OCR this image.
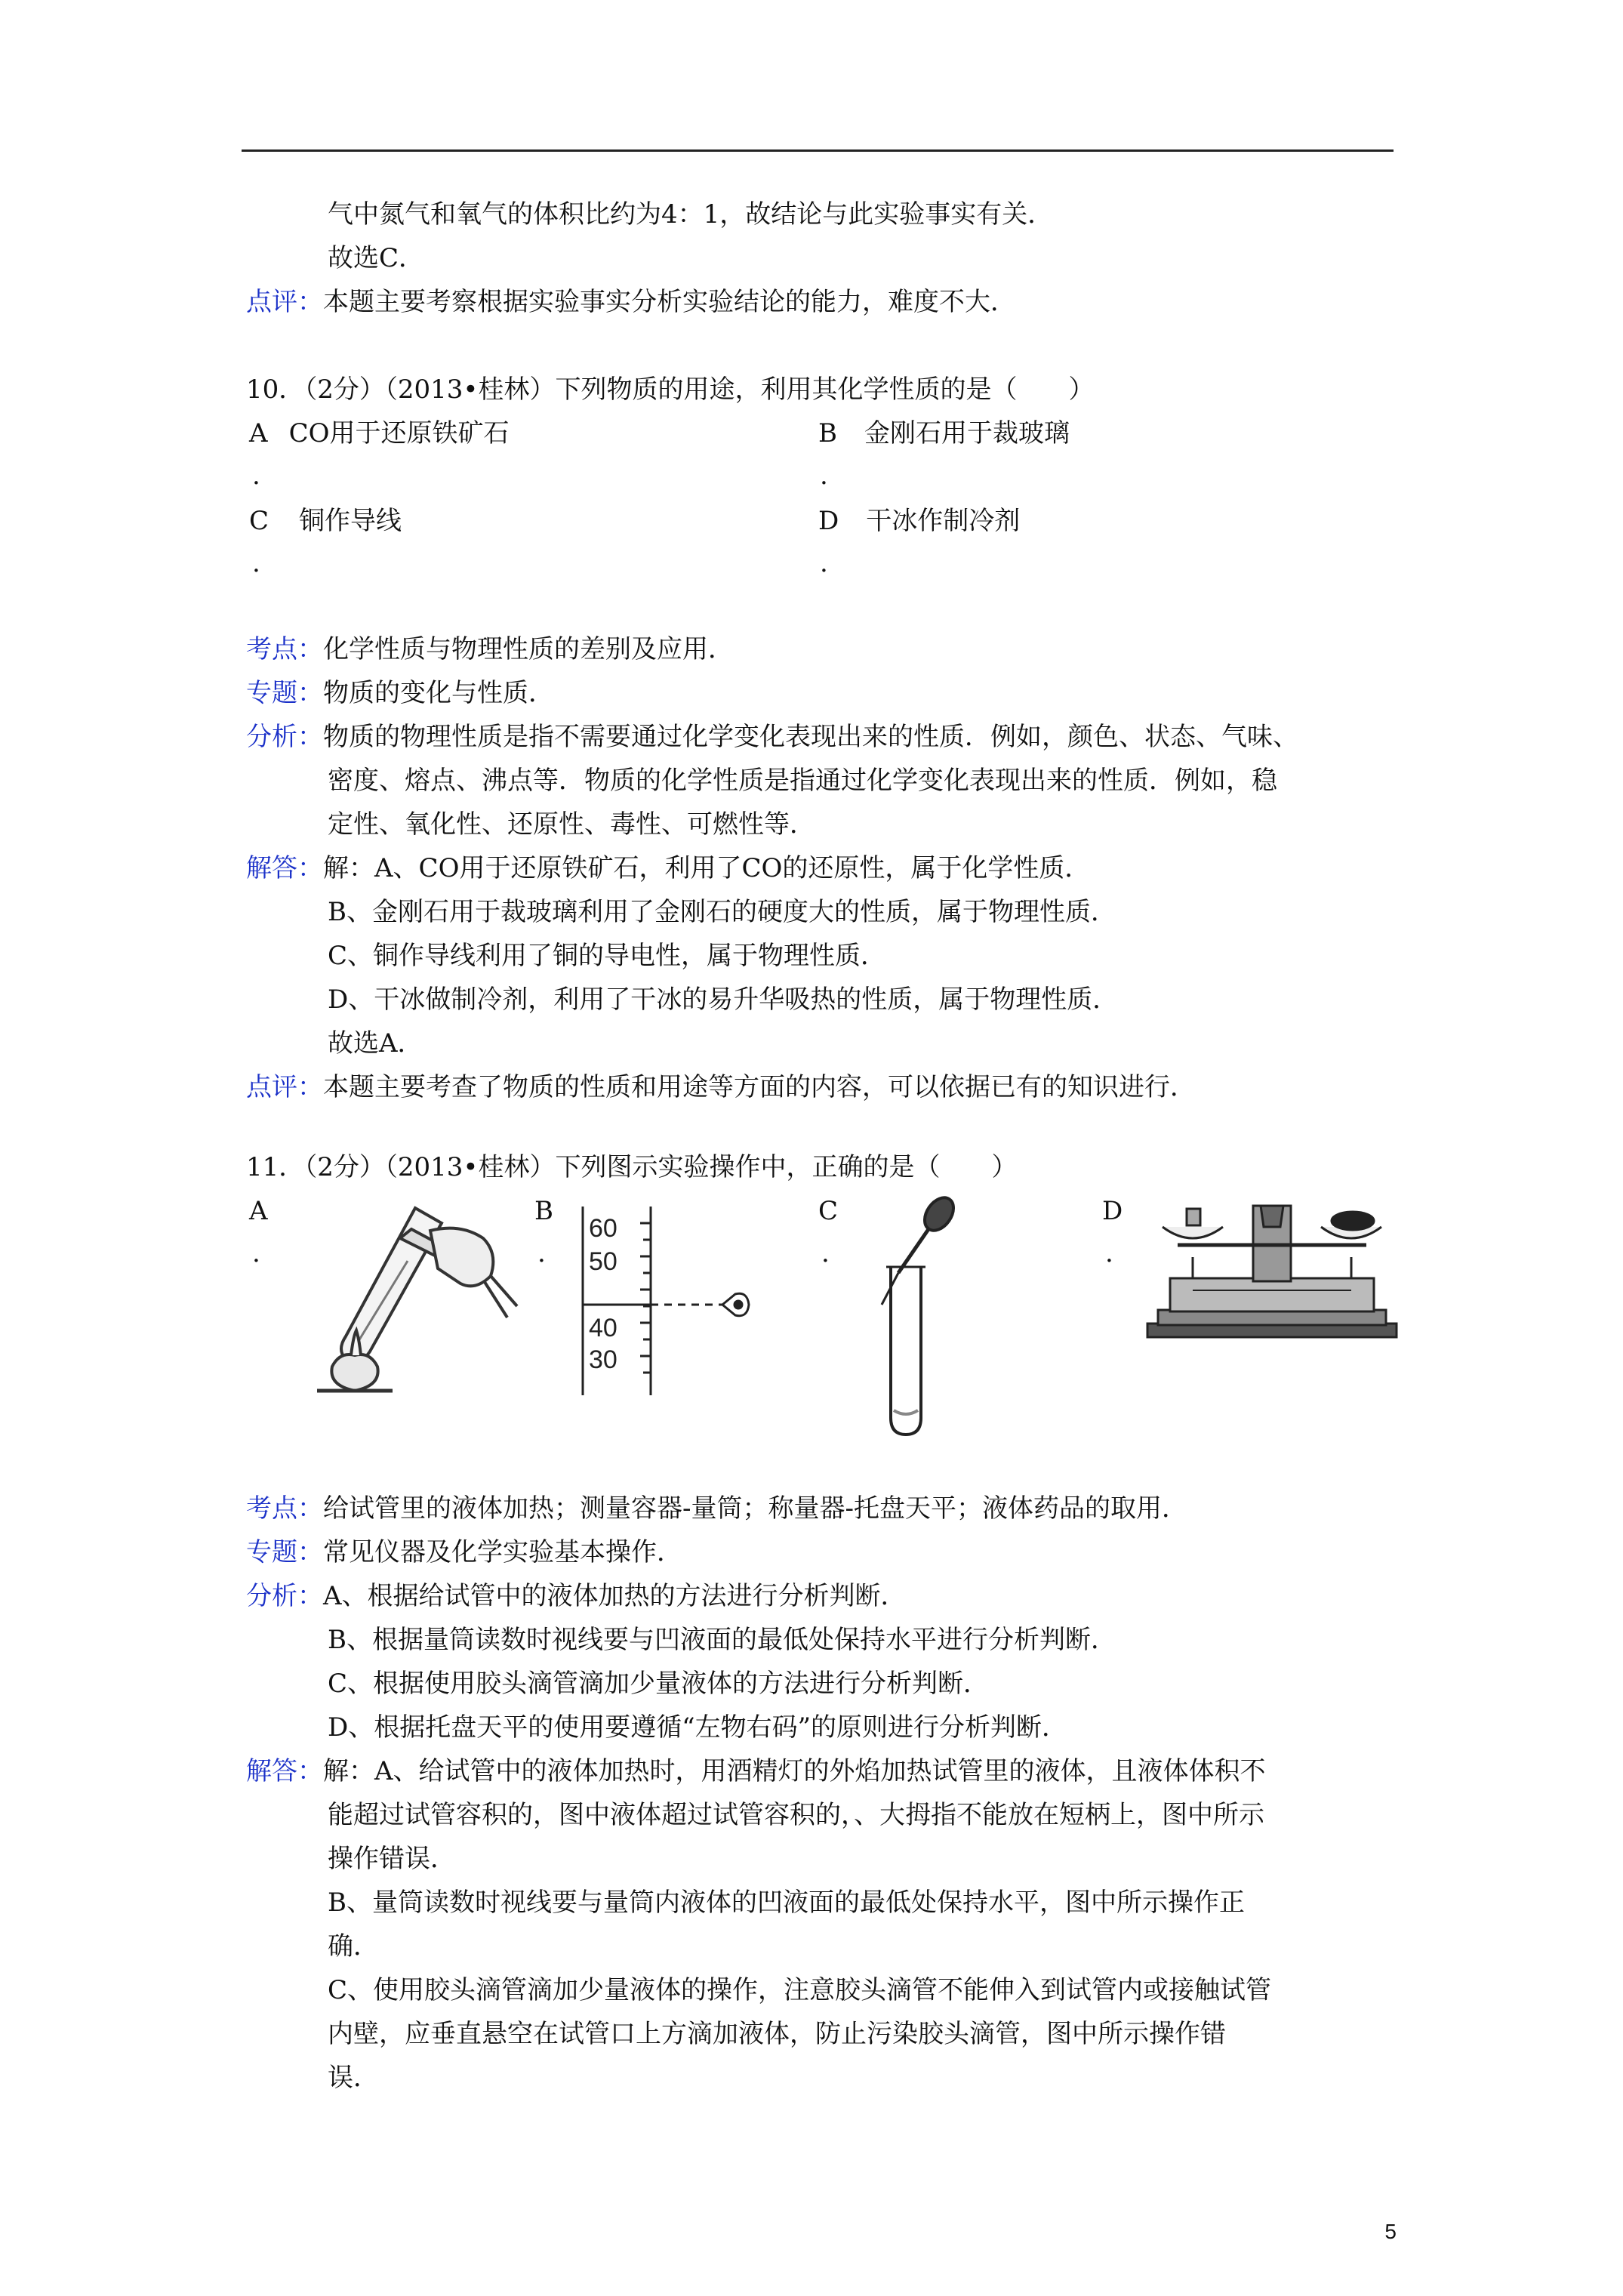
气中氮气和氧气的体积比约为4：1，故结论与此实验事实有关．
故选C．
点评：本题主要考察根据实验事实分析实验结论的能力，难度不大．
10．（2分）（2013•桂林）下列物质的用途，利用其化学性质的是（　　）
A CO用于还原铁矿石
.
B 金刚石用于裁玻璃
.
C 铜作导线
.
D 干冰作制冷剂
.
考点：化学性质与物理性质的差别及应用．
专题：物质的变化与性质．
分析：物质的物理性质是指不需要通过化学变化表现出来的性质．例如，颜色、状态、气味、
密度、熔点、沸点等．物质的化学性质是指通过化学变化表现出来的性质．例如，稳
定性、氧化性、还原性、毒性、可燃性等．
解答：解：A、CO用于还原铁矿石，利用了CO的还原性，属于化学性质．
B、金刚石用于裁玻璃利用了金刚石的硬度大的性质，属于物理性质．
C、铜作导线利用了铜的导电性，属于物理性质．
D、干冰做制冷剂，利用了干冰的易升华吸热的性质，属于物理性质．
故选A．
点评：本题主要考查了物质的性质和用途等方面的内容，可以依据已有的知识进行．
11．（2分）（2013•桂林）下列图示实验操作中，正确的是（　　）
A
.
B
.
C
.
D
.
60
50
40
30
考点：给试管里的液体加热；测量容器-量筒；称量器-托盘天平；液体药品的取用．
专题：常见仪器及化学实验基本操作．
分析：A、根据给试管中的液体加热的方法进行分析判断．
B、根据量筒读数时视线要与凹液面的最低处保持水平进行分析判断．
C、根据使用胶头滴管滴加少量液体的方法进行分析判断．
D、根据托盘天平的使用要遵循“左物右码”的原则进行分析判断．
解答：解：A、给试管中的液体加热时，用酒精灯的外焰加热试管里的液体，且液体体积不
能超过试管容积的，图中液体超过试管容积的，、大拇指不能放在短柄上，图中所示
操作错误．
B、量筒读数时视线要与量筒内液体的凹液面的最低处保持水平，图中所示操作正
确．
C、使用胶头滴管滴加少量液体的操作，注意胶头滴管不能伸入到试管内或接触试管
内壁，应垂直悬空在试管口上方滴加液体，防止污染胶头滴管，图中所示操作错
误．
5
